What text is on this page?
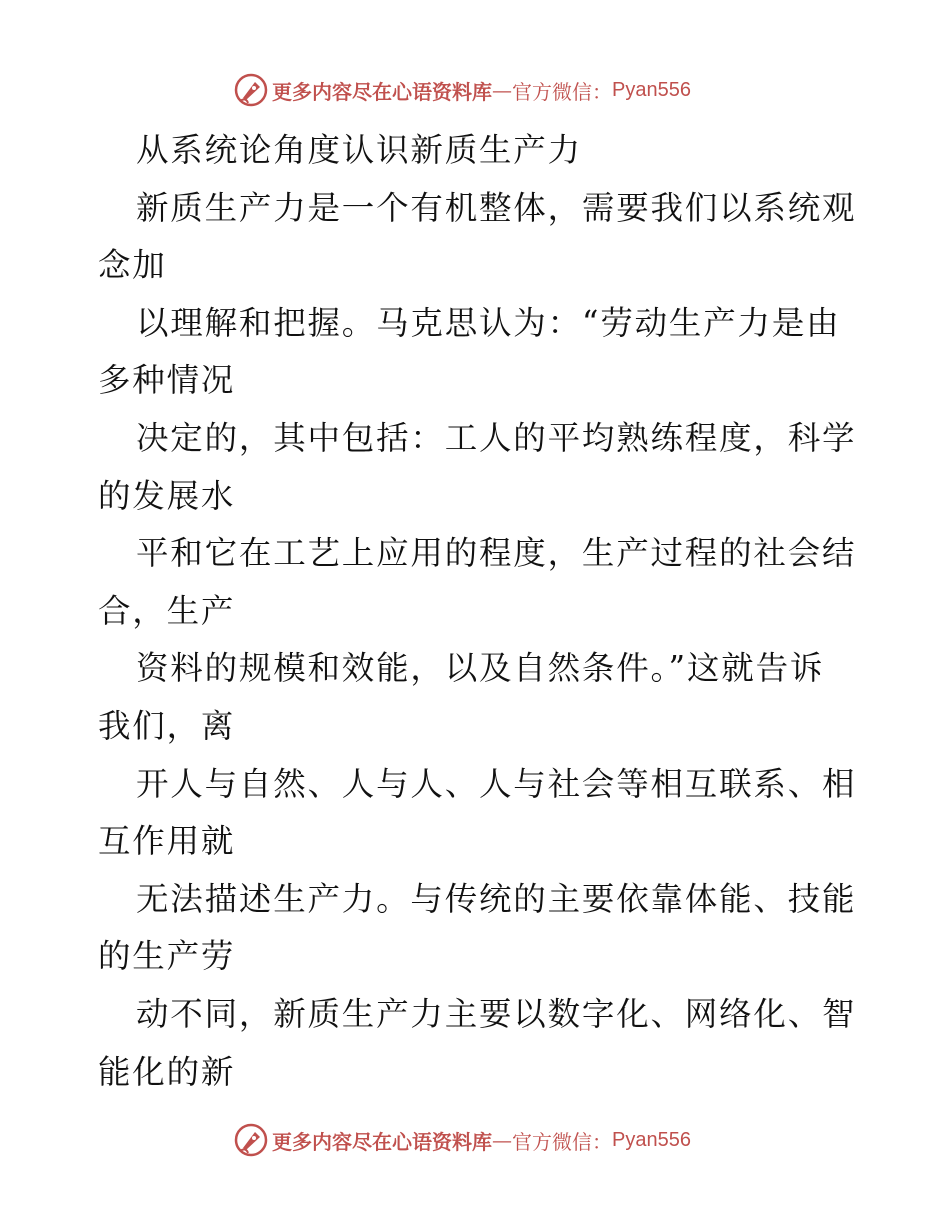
更多内容尽在心语资料库 — 官方微信： Pyan556
从系统论角度认识新质生产力
新质生产力是一个有机整体，需要我们以系统观
念加
以理解和把握。马克思认为：“劳动生产力是由
多种情况
决定的，其中包括：工人的平均熟练程度，科学
的发展水
平和它在工艺上应用的程度，生产过程的社会结
合，生产
资料的规模和效能，以及自然条件。”这就告诉
我们，离
开人与自然、人与人、人与社会等相互联系、相
互作用就
无法描述生产力。与传统的主要依靠体能、技能
的生产劳
动不同，新质生产力主要以数字化、网络化、智
能化的新
更多内容尽在心语资料库 — 官方微信： Pyan556
